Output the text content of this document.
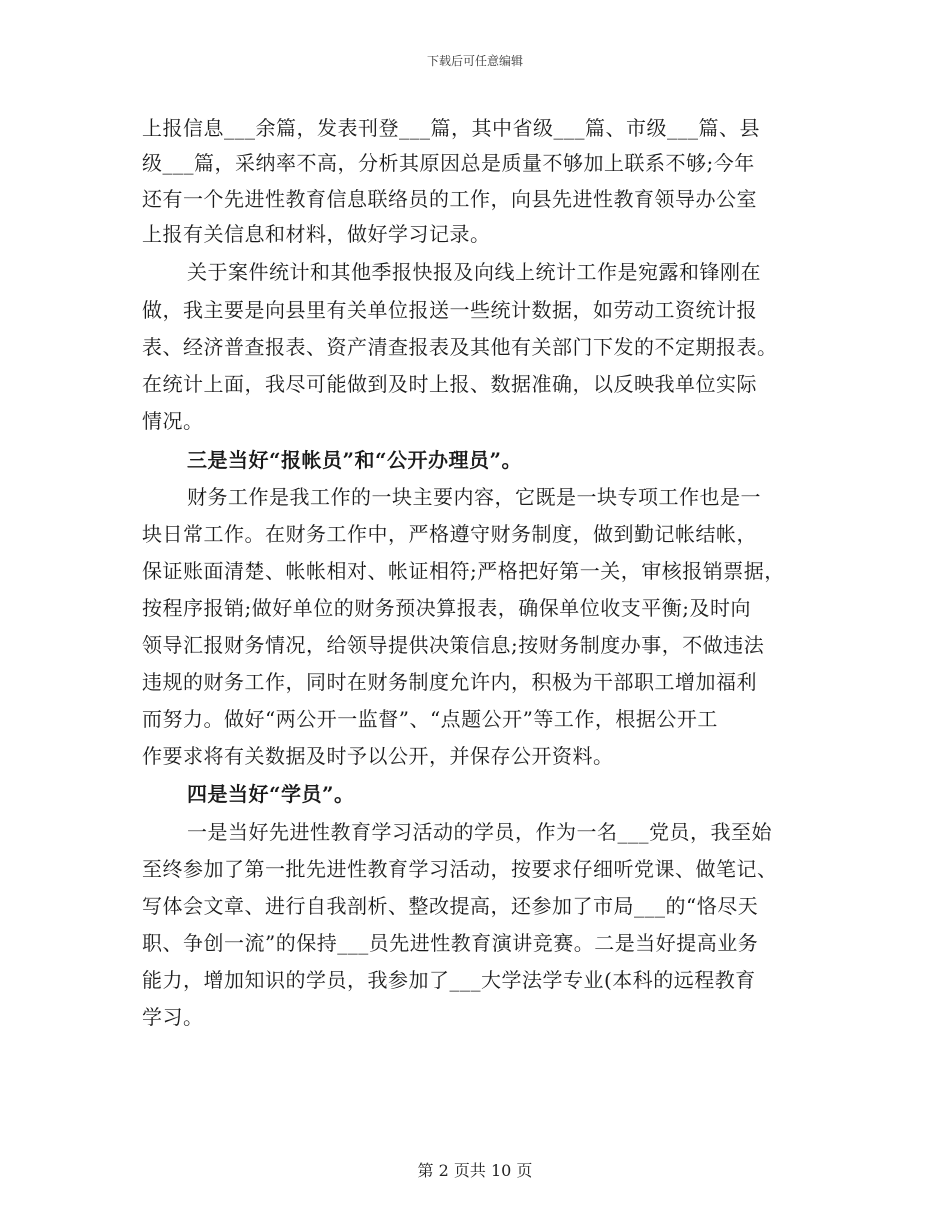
下载后可任意编辑
上报信息___余篇，发表刊登___篇，其中省级___篇、市级___篇、县
级___篇，采纳率不高，分析其原因总是质量不够加上联系不够;今年
还有一个先进性教育信息联络员的工作，向县先进性教育领导办公室
上报有关信息和材料，做好学习记录。
关于案件统计和其他季报快报及向线上统计工作是宛露和锋刚在
做，我主要是向县里有关单位报送一些统计数据，如劳动工资统计报
表、经济普查报表、资产清查报表及其他有关部门下发的不定期报表。
在统计上面，我尽可能做到及时上报、数据准确，以反映我单位实际
情况。
三是当好“报帐员”和“公开办理员”。
财务工作是我工作的一块主要内容，它既是一块专项工作也是一
块日常工作。在财务工作中，严格遵守财务制度，做到勤记帐结帐，
保证账面清楚、帐帐相对、帐证相符;严格把好第一关，审核报销票据，
按程序报销;做好单位的财务预决算报表，确保单位收支平衡;及时向
领导汇报财务情况，给领导提供决策信息;按财务制度办事，不做违法
违规的财务工作，同时在财务制度允许内，积极为干部职工增加福利
而努力。做好“两公开一监督”、“点题公开”等工作，根据公开工
作要求将有关数据及时予以公开，并保存公开资料。
四是当好“学员”。
一是当好先进性教育学习活动的学员，作为一名___党员，我至始
至终参加了第一批先进性教育学习活动，按要求仔细听党课、做笔记、
写体会文章、进行自我剖析、整改提高，还参加了市局___的“恪尽天
职、争创一流”的保持___员先进性教育演讲竞赛。二是当好提高业务
能力，增加知识的学员，我参加了___大学法学专业(本科的远程教育
学习。
第 2 页共 10 页
